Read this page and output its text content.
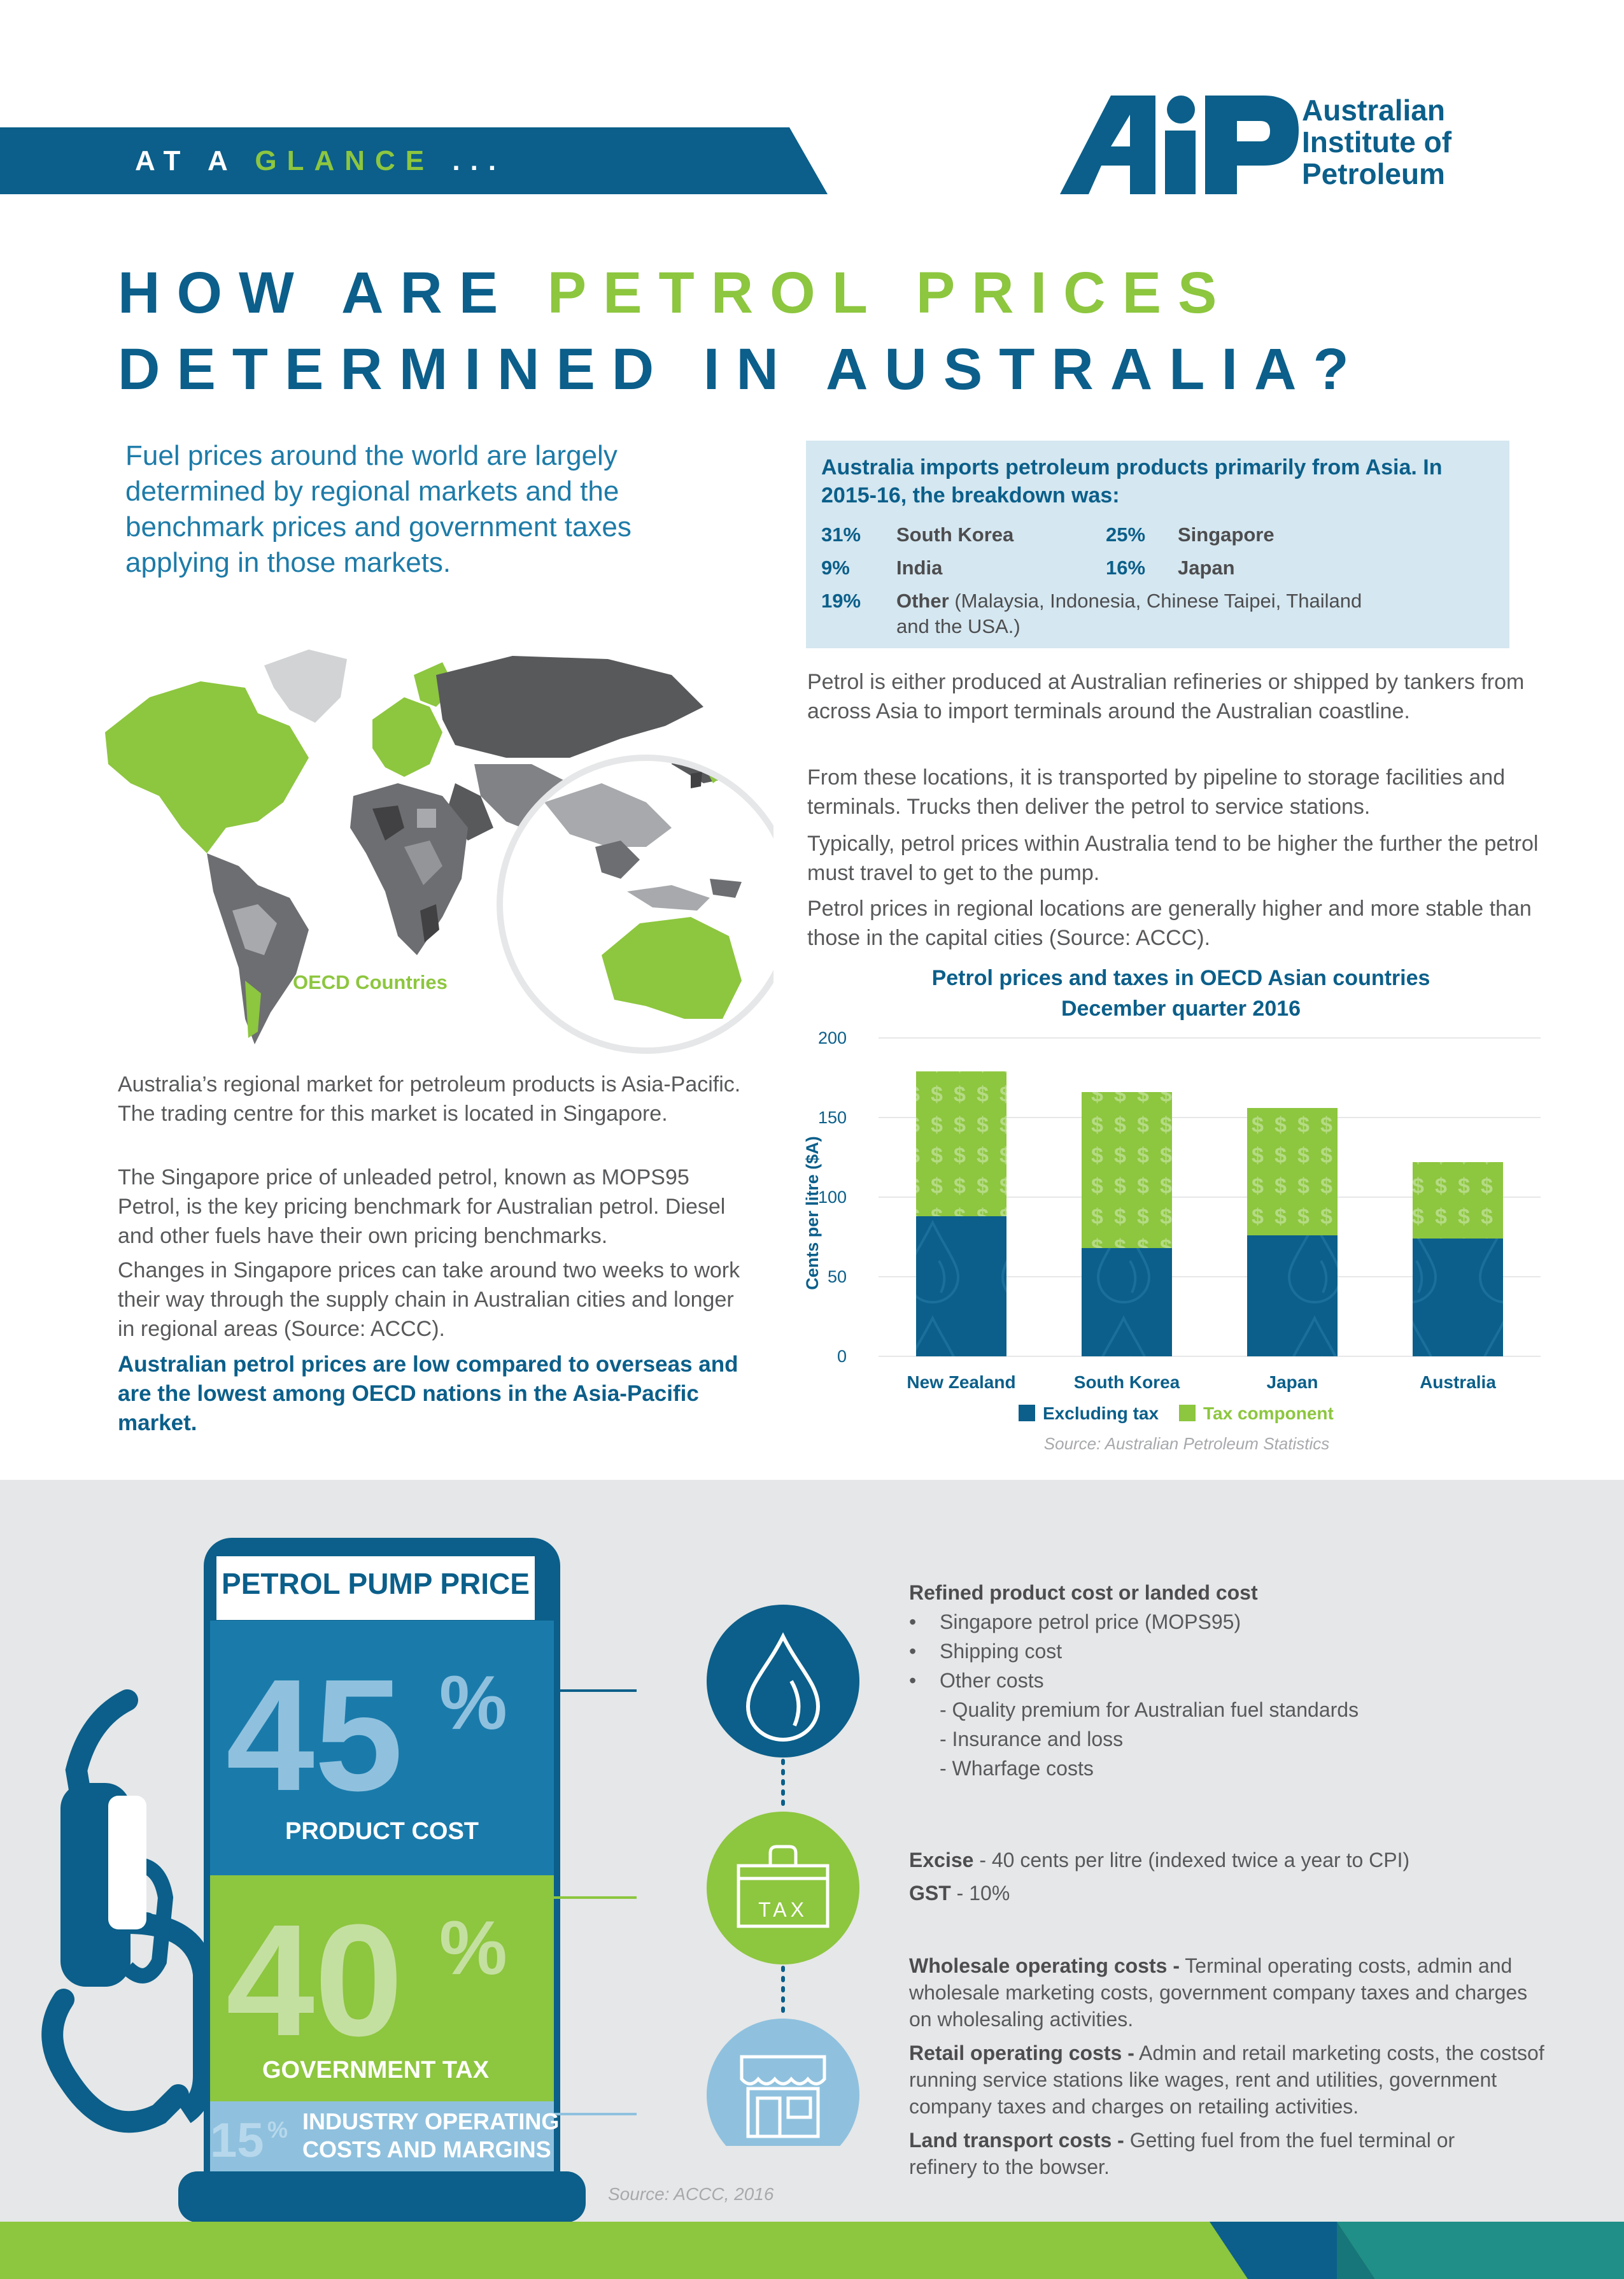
AT A GLANCE ...
Australian
Institute of
Petroleum
HOW ARE PETROL PRICES
DETERMINED IN AUSTRALIA?
Fuel prices around the world are largely determined by regional markets and the benchmark prices and government taxes applying in those markets.
Australia imports petroleum products primarily from Asia. In 2015-16, the breakdown was:
31% South Korea	25% Singapore
9% India	16% Japan
19% Other (Malaysia, Indonesia, Chinese Taipei, Thailand
and the USA.)
Petrol is either produced at Australian refineries or shipped by tankers from across Asia to import terminals around the Australian coastline.
From these locations, it is transported by pipeline to storage facilities and terminals. Trucks then deliver the petrol to service stations.
Typically, petrol prices within Australia tend to be higher the further the petrol must travel to get to the pump.
Petrol prices in regional locations are generally higher and more stable than those in the capital cities (Source: ACCC).
OECD Countries
Australia’s regional market for petroleum products is Asia-Pacific. The trading centre for this market is located in Singapore.
The Singapore price of unleaded petrol, known as MOPS95 Petrol, is the key pricing benchmark for Australian petrol. Diesel and other fuels have their own pricing benchmarks.
Changes in Singapore prices can take around two weeks to work their way through the supply chain in Australian cities and longer in regional areas (Source: ACCC).
Australian petrol prices are low compared to overseas and are the lowest among OECD nations in the Asia-Pacific market.
Petrol prices and taxes in OECD Asian countries
December quarter 2016
0
50
100
150
200
New Zealand	South Korea	Japan	Australia
Cents per litre ($A)
Excluding tax Tax component
Source: Australian Petroleum Statistics
PETROL PUMP PRICE
45 %
PRODUCT COST
40 %
GOVERNMENT TAX
15 % INDUSTRY OPERATING
COSTS AND MARGINS
Source: ACCC, 2016
TAX
Refined product cost or landed cost
• Singapore petrol price (MOPS95)
• Shipping cost
• Other costs
- Quality premium for Australian fuel standards
- Insurance and loss
- Wharfage costs
Excise - 40 cents per litre (indexed twice a year to CPI)
GST - 10%
Wholesale operating costs - Terminal operating costs, admin and wholesale marketing costs, government company taxes and charges on wholesaling activities.
Retail operating costs - Admin and retail marketing costs, the costsof running service stations like wages, rent and utilities, government company taxes and charges on retailing activities.
Land transport costs - Getting fuel from the fuel terminal or refinery to the bowser.
